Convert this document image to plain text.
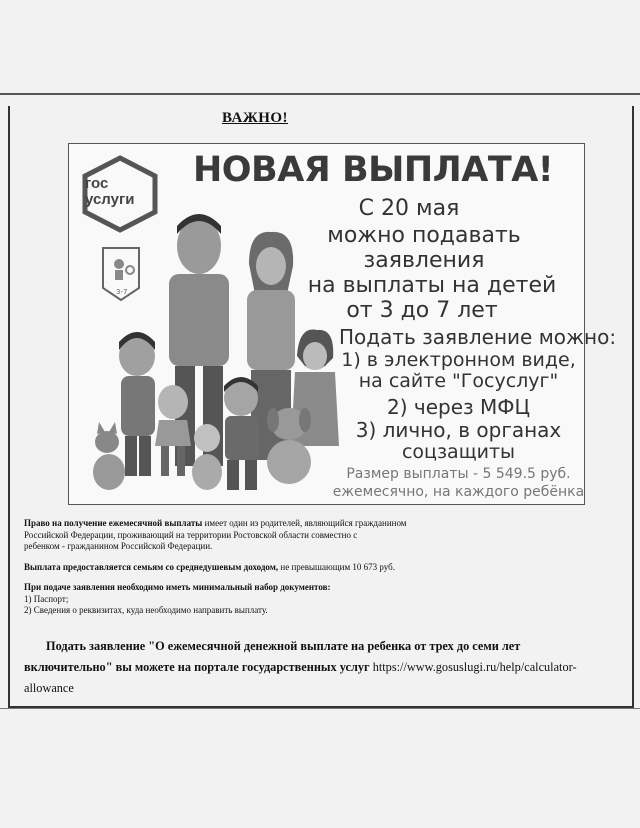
ВАЖНО!
гос
услуги
3-7
НОВАЯ ВЫПЛАТА!
С 20 мая
можно подавать
заявления
на выплаты на детей
от 3 до 7 лет
Подать заявление можно:
1) в электронном виде,
на сайте "Госуслуг"
2) через МФЦ
3) лично, в органах
соцзащиты
Размер выплаты - 5 549.5 руб.
ежемесячно, на каждого ребёнка

Право на получение ежемесячной выплаты имеет один из родителей, являющийся гражданином

Российской Федерации, проживающий на территории Ростовской области совместно с

ребенком - гражданином Российской Федерации.

Выплата предоставляется семьям со среднедушевым доходом, не превышающим 10 673 руб.

При подаче заявления необходимо иметь минимальный набор документов:

1) Паспорт;

2) Сведения о реквизитах, куда необходимо направить выплату.

Подать заявление "О ежемесячной денежной выплате на ребенка от трех до семи лет
включительно" вы можете на портале государственных услуг https://www.gosuslugi.ru/help/calculator-
allowance
